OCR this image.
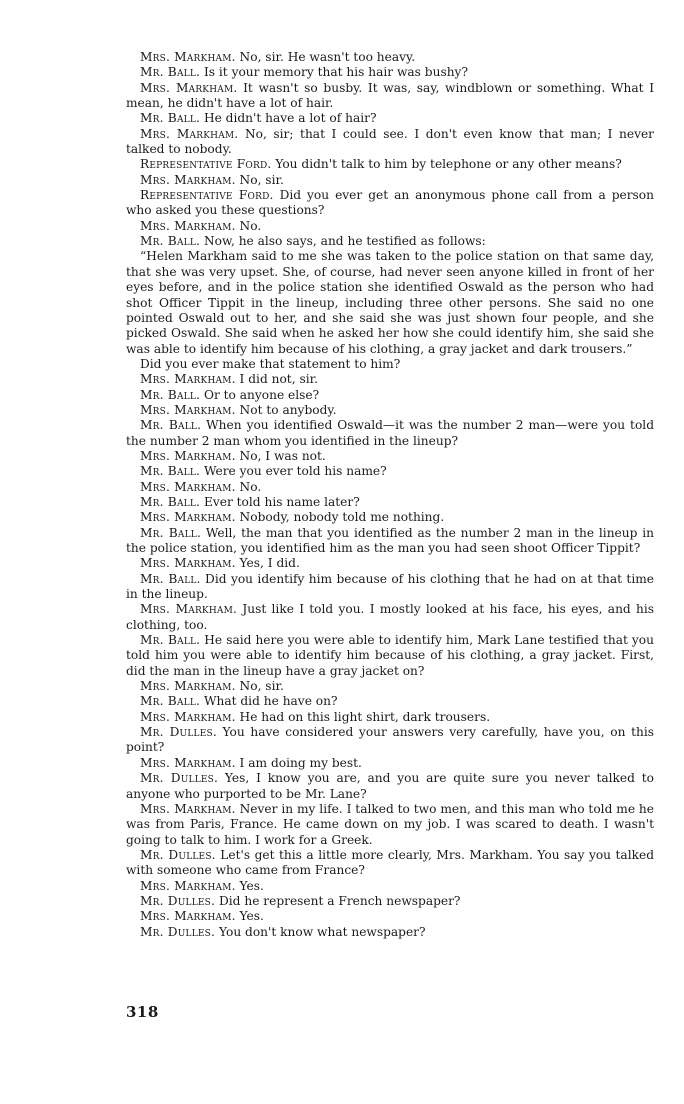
Mrs. Markham. No, sir. He wasn't too heavy.

Mr. Ball. Is it your memory that his hair was bushy?

Mrs. Markham. It wasn't so busby. It was, say, windblown or something. What I mean, he didn't have a lot of hair.

Mr. Ball. He didn't have a lot of hair?

Mrs. Markham. No, sir; that I could see. I don't even know that man; I never talked to nobody.

Representative Ford. You didn't talk to him by telephone or any other means?

Mrs. Markham. No, sir.

Representative Ford. Did you ever get an anonymous phone call from a person who asked you these questions?

Mrs. Markham. No.

Mr. Ball. Now, he also says, and he testified as follows:

“Helen Markham said to me she was taken to the police station on that same day, that she was very upset. She, of course, had never seen anyone killed in front of her eyes before, and in the police station she identified Oswald as the person who had shot Officer Tippit in the lineup, including three other persons. She said no one pointed Oswald out to her, and she said she was just shown four people, and she picked Oswald. She said when he asked her how she could identify him, she said she was able to identify him because of his clothing, a gray jacket and dark trousers.”

Did you ever make that statement to him?

Mrs. Markham. I did not, sir.

Mr. Ball. Or to anyone else?

Mrs. Markham. Not to anybody.

Mr. Ball. When you identified Oswald—it was the number 2 man—were you told the number 2 man whom you identified in the lineup?

Mrs. Markham. No, I was not.

Mr. Ball. Were you ever told his name?

Mrs. Markham. No.

Mr. Ball. Ever told his name later?

Mrs. Markham. Nobody, nobody told me nothing.

Mr. Ball. Well, the man that you identified as the number 2 man in the lineup in the police station, you identified him as the man you had seen shoot Officer Tippit?

Mrs. Markham. Yes, I did.

Mr. Ball. Did you identify him because of his clothing that he had on at that time in the lineup.

Mrs. Markham. Just like I told you. I mostly looked at his face, his eyes, and his clothing, too.

Mr. Ball. He said here you were able to identify him, Mark Lane testified that you told him you were able to identify him because of his clothing, a gray jacket. First, did the man in the lineup have a gray jacket on?

Mrs. Markham. No, sir.

Mr. Ball. What did he have on?

Mrs. Markham. He had on this light shirt, dark trousers.

Mr. Dulles. You have considered your answers very carefully, have you, on this point?

Mrs. Markham. I am doing my best.

Mr. Dulles. Yes, I know you are, and you are quite sure you never talked to anyone who purported to be Mr. Lane?

Mrs. Markham. Never in my life. I talked to two men, and this man who told me he was from Paris, France. He came down on my job. I was scared to death. I wasn't going to talk to him. I work for a Greek.

Mr. Dulles. Let's get this a little more clearly, Mrs. Markham. You say you talked with someone who came from France?

Mrs. Markham. Yes.

Mr. Dulles. Did he represent a French newspaper?

Mrs. Markham. Yes.

Mr. Dulles. You don't know what newspaper?

318
